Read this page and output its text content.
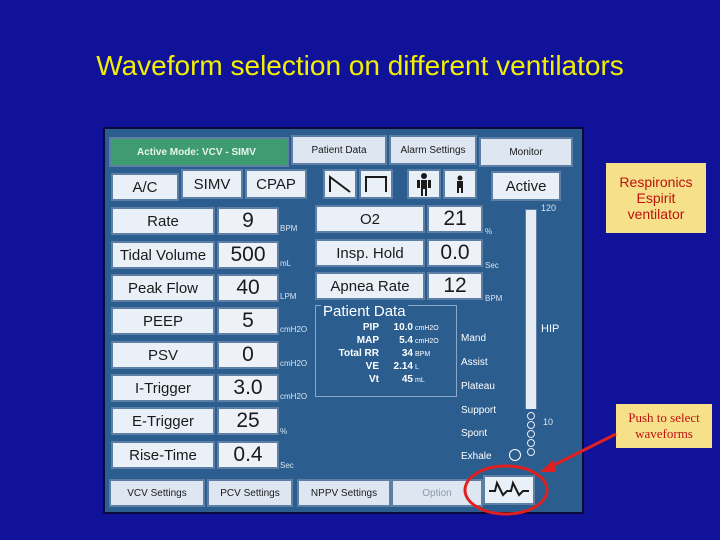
Waveform selection on different ventilators
Active Mode: VCV - SIMV	Patient Data	Alarm Settings	Monitor
A/C SIMV CPAP	Active
Rate	9	BPM
Tidal Volume 500 mL
Peak Flow 40	LPM
PEEP	5	cmH2O
PSV	0	cmH2O
I-Trigger 3.0 cmH2O
E-Trigger 25	%
Rise-Time 0.4 Sec
O2	21
%
Insp. Hold 0.0
Sec
Apnea Rate 12
BPM
Patient Data
PIP	10.0 cmH2O
MAP	5.4 cmH2O
Total RR	34 BPM
VE	2.14 L
Vt	45 mL
Mand
Assist
Plateau
Support
Spont
Exhale
120
HIP
10
VCV Settings	PCV Settings	NPPV Settings	Option
Respironics Espirit ventilator
Push to select waveforms
